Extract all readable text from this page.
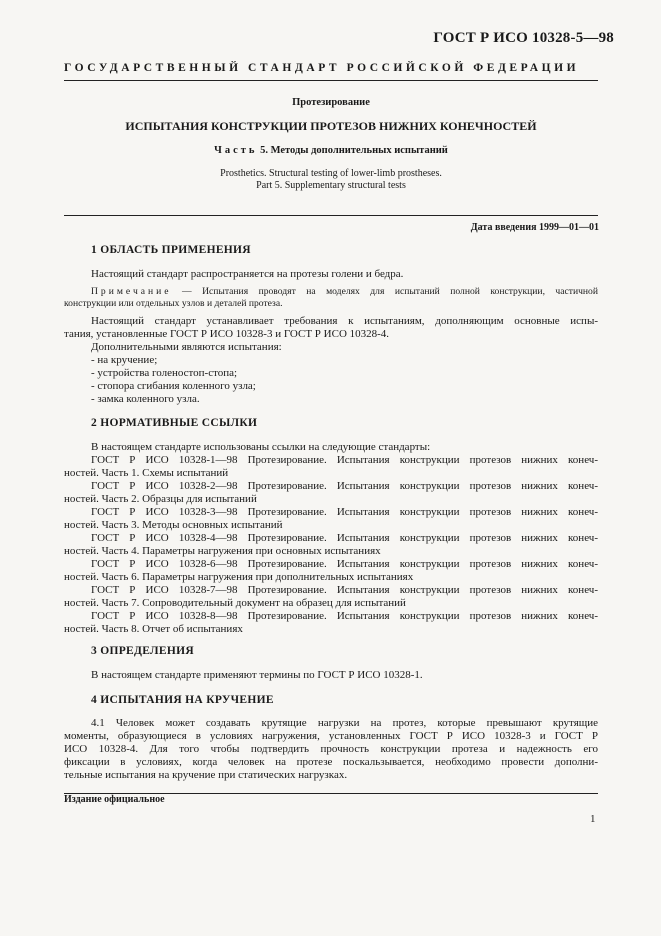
ГОСТ Р ИСО 10328-5—98
ГОСУДАРСТВЕННЫЙ СТАНДАРТ РОССИЙСКОЙ ФЕДЕРАЦИИ
Протезирование
ИСПЫТАНИЯ КОНСТРУКЦИИ ПРОТЕЗОВ НИЖНИХ КОНЕЧНОСТЕЙ
Часть 5. Методы дополнительных испытаний
Prosthetics. Structural testing of lower-limb prostheses.
Part 5. Supplementary structural tests
Дата введения 1999—01—01
1 ОБЛАСТЬ ПРИМЕНЕНИЯ
Настоящий стандарт распространяется на протезы голени и бедра.
Примечание — Испытания проводят на моделях для испытаний полной конструкции, частичной
конструкции или отдельных узлов и деталей протеза.
Настоящий стандарт устанавливает требования к испытаниям, дополняющим основные испы-
тания, установленные ГОСТ Р ИСО 10328-3 и ГОСТ Р ИСО 10328-4.
Дополнительными являются испытания:
- на кручение;
- устройства голеностоп-стопа;
- стопора сгибания коленного узла;
- замка коленного узла.
2 НОРМАТИВНЫЕ ССЫЛКИ
В настоящем стандарте использованы ссылки на следующие стандарты:
ГОСТ Р ИСО 10328-1—98 Протезирование. Испытания конструкции протезов нижних конеч-
ностей. Часть 1. Схемы испытаний
ГОСТ Р ИСО 10328-2—98 Протезирование. Испытания конструкции протезов нижних конеч-
ностей. Часть 2. Образцы для испытаний
ГОСТ Р ИСО 10328-3—98 Протезирование. Испытания конструкции протезов нижних конеч-
ностей. Часть 3. Методы основных испытаний
ГОСТ Р ИСО 10328-4—98 Протезирование. Испытания конструкции протезов нижних конеч-
ностей. Часть 4. Параметры нагружения при основных испытаниях
ГОСТ Р ИСО 10328-6—98 Протезирование. Испытания конструкции протезов нижних конеч-
ностей. Часть 6. Параметры нагружения при дополнительных испытаниях
ГОСТ Р ИСО 10328-7—98 Протезирование. Испытания конструкции протезов нижних конеч-
ностей. Часть 7. Сопроводительный документ на образец для испытаний
ГОСТ Р ИСО 10328-8—98 Протезирование. Испытания конструкции протезов нижних конеч-
ностей. Часть 8. Отчет об испытаниях
3 ОПРЕДЕЛЕНИЯ
В настоящем стандарте применяют термины по ГОСТ Р ИСО 10328-1.
4 ИСПЫТАНИЯ НА КРУЧЕНИЕ
4.1 Человек может создавать крутящие нагрузки на протез, которые превышают крутящие
моменты, образующиеся в условиях нагружения, установленных ГОСТ Р ИСО 10328-3 и ГОСТ Р
ИСО 10328-4. Для того чтобы подтвердить прочность конструкции протеза и надежность его
фиксации в условиях, когда человек на протезе поскальзывается, необходимо провести дополни-
тельные испытания на кручение при статических нагрузках.
Издание официальное
1
